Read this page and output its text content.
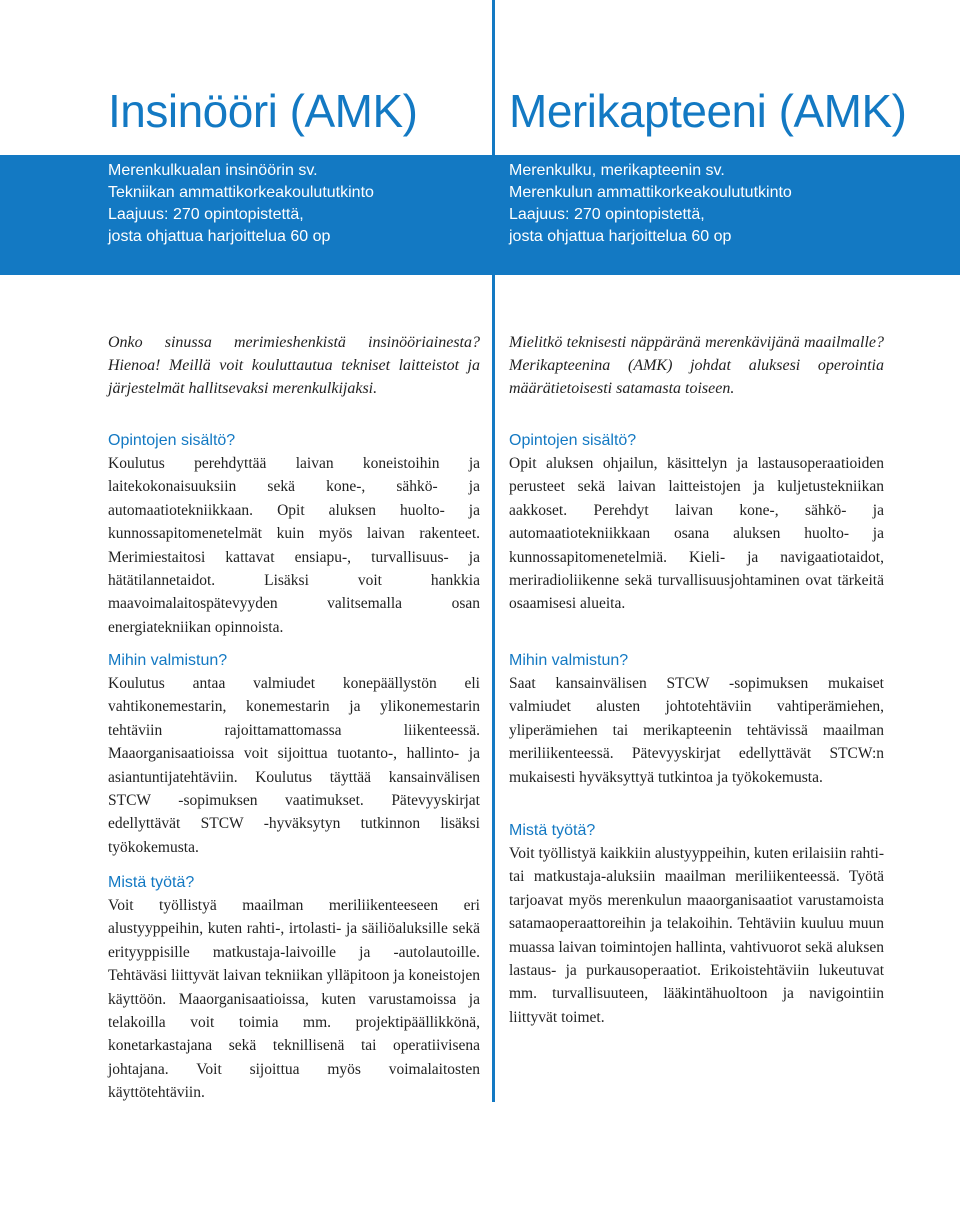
Merenkulkualan insinöörin sv.
Tekniikan ammattikorkeakoulututkinto
Laajuus: 270 opintopistettä,
josta ohjattua harjoittelua 60 op
Merenkulku, merikapteenin sv.
Merenkulun ammattikorkeakoulututkinto
Laajuus: 270 opintopistettä,
josta ohjattua harjoittelua 60 op
Insinööri (AMK)

Onko sinussa merimieshenkistä insinööriainesta? Hienoa! Meillä voit kouluttautua tekniset laitteistot ja järjestelmät hallitsevaksi merenkulkijaksi.

Opintojen sisältö?

Koulutus perehdyttää laivan koneistoihin ja laitekokonaisuuksiin sekä kone-, sähkö- ja automaatiotekniikkaan. Opit aluksen huolto- ja kunnossapitomenetelmät kuin myös laivan rakenteet. Merimiestaitosi kattavat ensiapu-, turvallisuus- ja hätätilannetaidot. Lisäksi voit hankkia maavoimalaitospätevyyden valitsemalla osan energiatekniikan opinnoista.

Mihin valmistun?

Koulutus antaa valmiudet konepäällystön eli vahtikonemestarin, konemestarin ja ylikonemestarin tehtäviin rajoittamattomassa liikenteessä. Maaorganisaatioissa voit sijoittua tuotanto-, hallinto- ja asiantuntijatehtäviin. Koulutus täyttää kansainvälisen STCW -sopimuksen vaatimukset. Pätevyyskirjat edellyttävät STCW -hyväksytyn tutkinnon lisäksi työkokemusta.

Mistä työtä?

Voit työllistyä maailman meriliikenteeseen eri alustyyppeihin, kuten rahti-, irtolasti- ja säiliöaluksille sekä erityyppisille matkustaja-laivoille ja -autolautoille. Tehtäväsi liittyvät laivan tekniikan ylläpitoon ja koneistojen käyttöön. Maaorganisaatioissa, kuten varustamoissa ja telakoilla voit toimia mm. projektipäällikkönä, konetarkastajana sekä teknillisenä tai operatiivisena johtajana. Voit sijoittua myös voimalaitosten käyttötehtäviin.

Merikapteeni (AMK)

Mielitkö teknisesti näppäränä merenkävijänä maailmalle? Merikapteenina (AMK) johdat aluksesi operointia määrätietoisesti satamasta toiseen.

Opintojen sisältö?

Opit aluksen ohjailun, käsittelyn ja lastausoperaatioiden perusteet sekä laivan laitteistojen ja kuljetustekniikan aakkoset. Perehdyt laivan kone-, sähkö- ja automaatiotekniikkaan osana aluksen huolto- ja kunnossapitomenetelmiä. Kieli- ja navigaatiotaidot, meriradioliikenne sekä turvallisuusjohtaminen ovat tärkeitä osaamisesi alueita.

Mihin valmistun?

Saat kansainvälisen STCW -sopimuksen mukaiset valmiudet alusten johtotehtäviin vahtiperämiehen, yliperämiehen tai merikapteenin tehtävissä maailman meriliikenteessä. Pätevyyskirjat edellyttävät STCW:n mukaisesti hyväksyttyä tutkintoa ja työkokemusta.

Mistä työtä?

Voit työllistyä kaikkiin alustyyppeihin, kuten erilaisiin rahti- tai matkustaja-aluksiin maailman meriliikenteessä. Työtä tarjoavat myös merenkulun maaorganisaatiot varustamoista satamaoperaattoreihin ja telakoihin. Tehtäviin kuuluu muun muassa laivan toimintojen hallinta, vahtivuorot sekä aluksen lastaus- ja purkausoperaatiot. Erikoistehtäviin lukeutuvat mm. turvallisuuteen, lääkintähuoltoon ja navigointiin liittyvät toimet.
